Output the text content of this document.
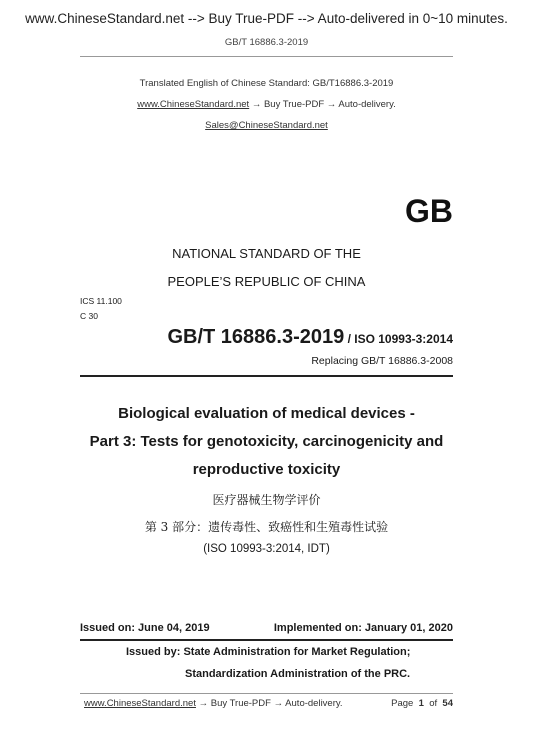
www.ChineseStandard.net --> Buy True-PDF --> Auto-delivered in 0~10 minutes.
GB/T 16886.3-2019
Translated English of Chinese Standard: GB/T16886.3-2019
www.ChineseStandard.net → Buy True-PDF → Auto-delivery.
Sales@ChineseStandard.net
GB
NATIONAL STANDARD OF THE
PEOPLE’S REPUBLIC OF CHINA
ICS 11.100
C 30
GB/T 16886.3-2019 / ISO 10993-3:2014
Replacing GB/T 16886.3-2008
Biological evaluation of medical devices -
Part 3: Tests for genotoxicity, carcinogenicity and
reproductive toxicity
医疗器械生物学评价
第 3 部分：遗传毒性、致癌性和生殖毒性试验
(ISO 10993-3:2014, IDT)
Issued on: June 04, 2019	Implemented on: January 01, 2020
Issued by: State Administration for Market Regulation;
Standardization Administration of the PRC.
www.ChineseStandard.net → Buy True-PDF → Auto-delivery.	Page 1 of 54
